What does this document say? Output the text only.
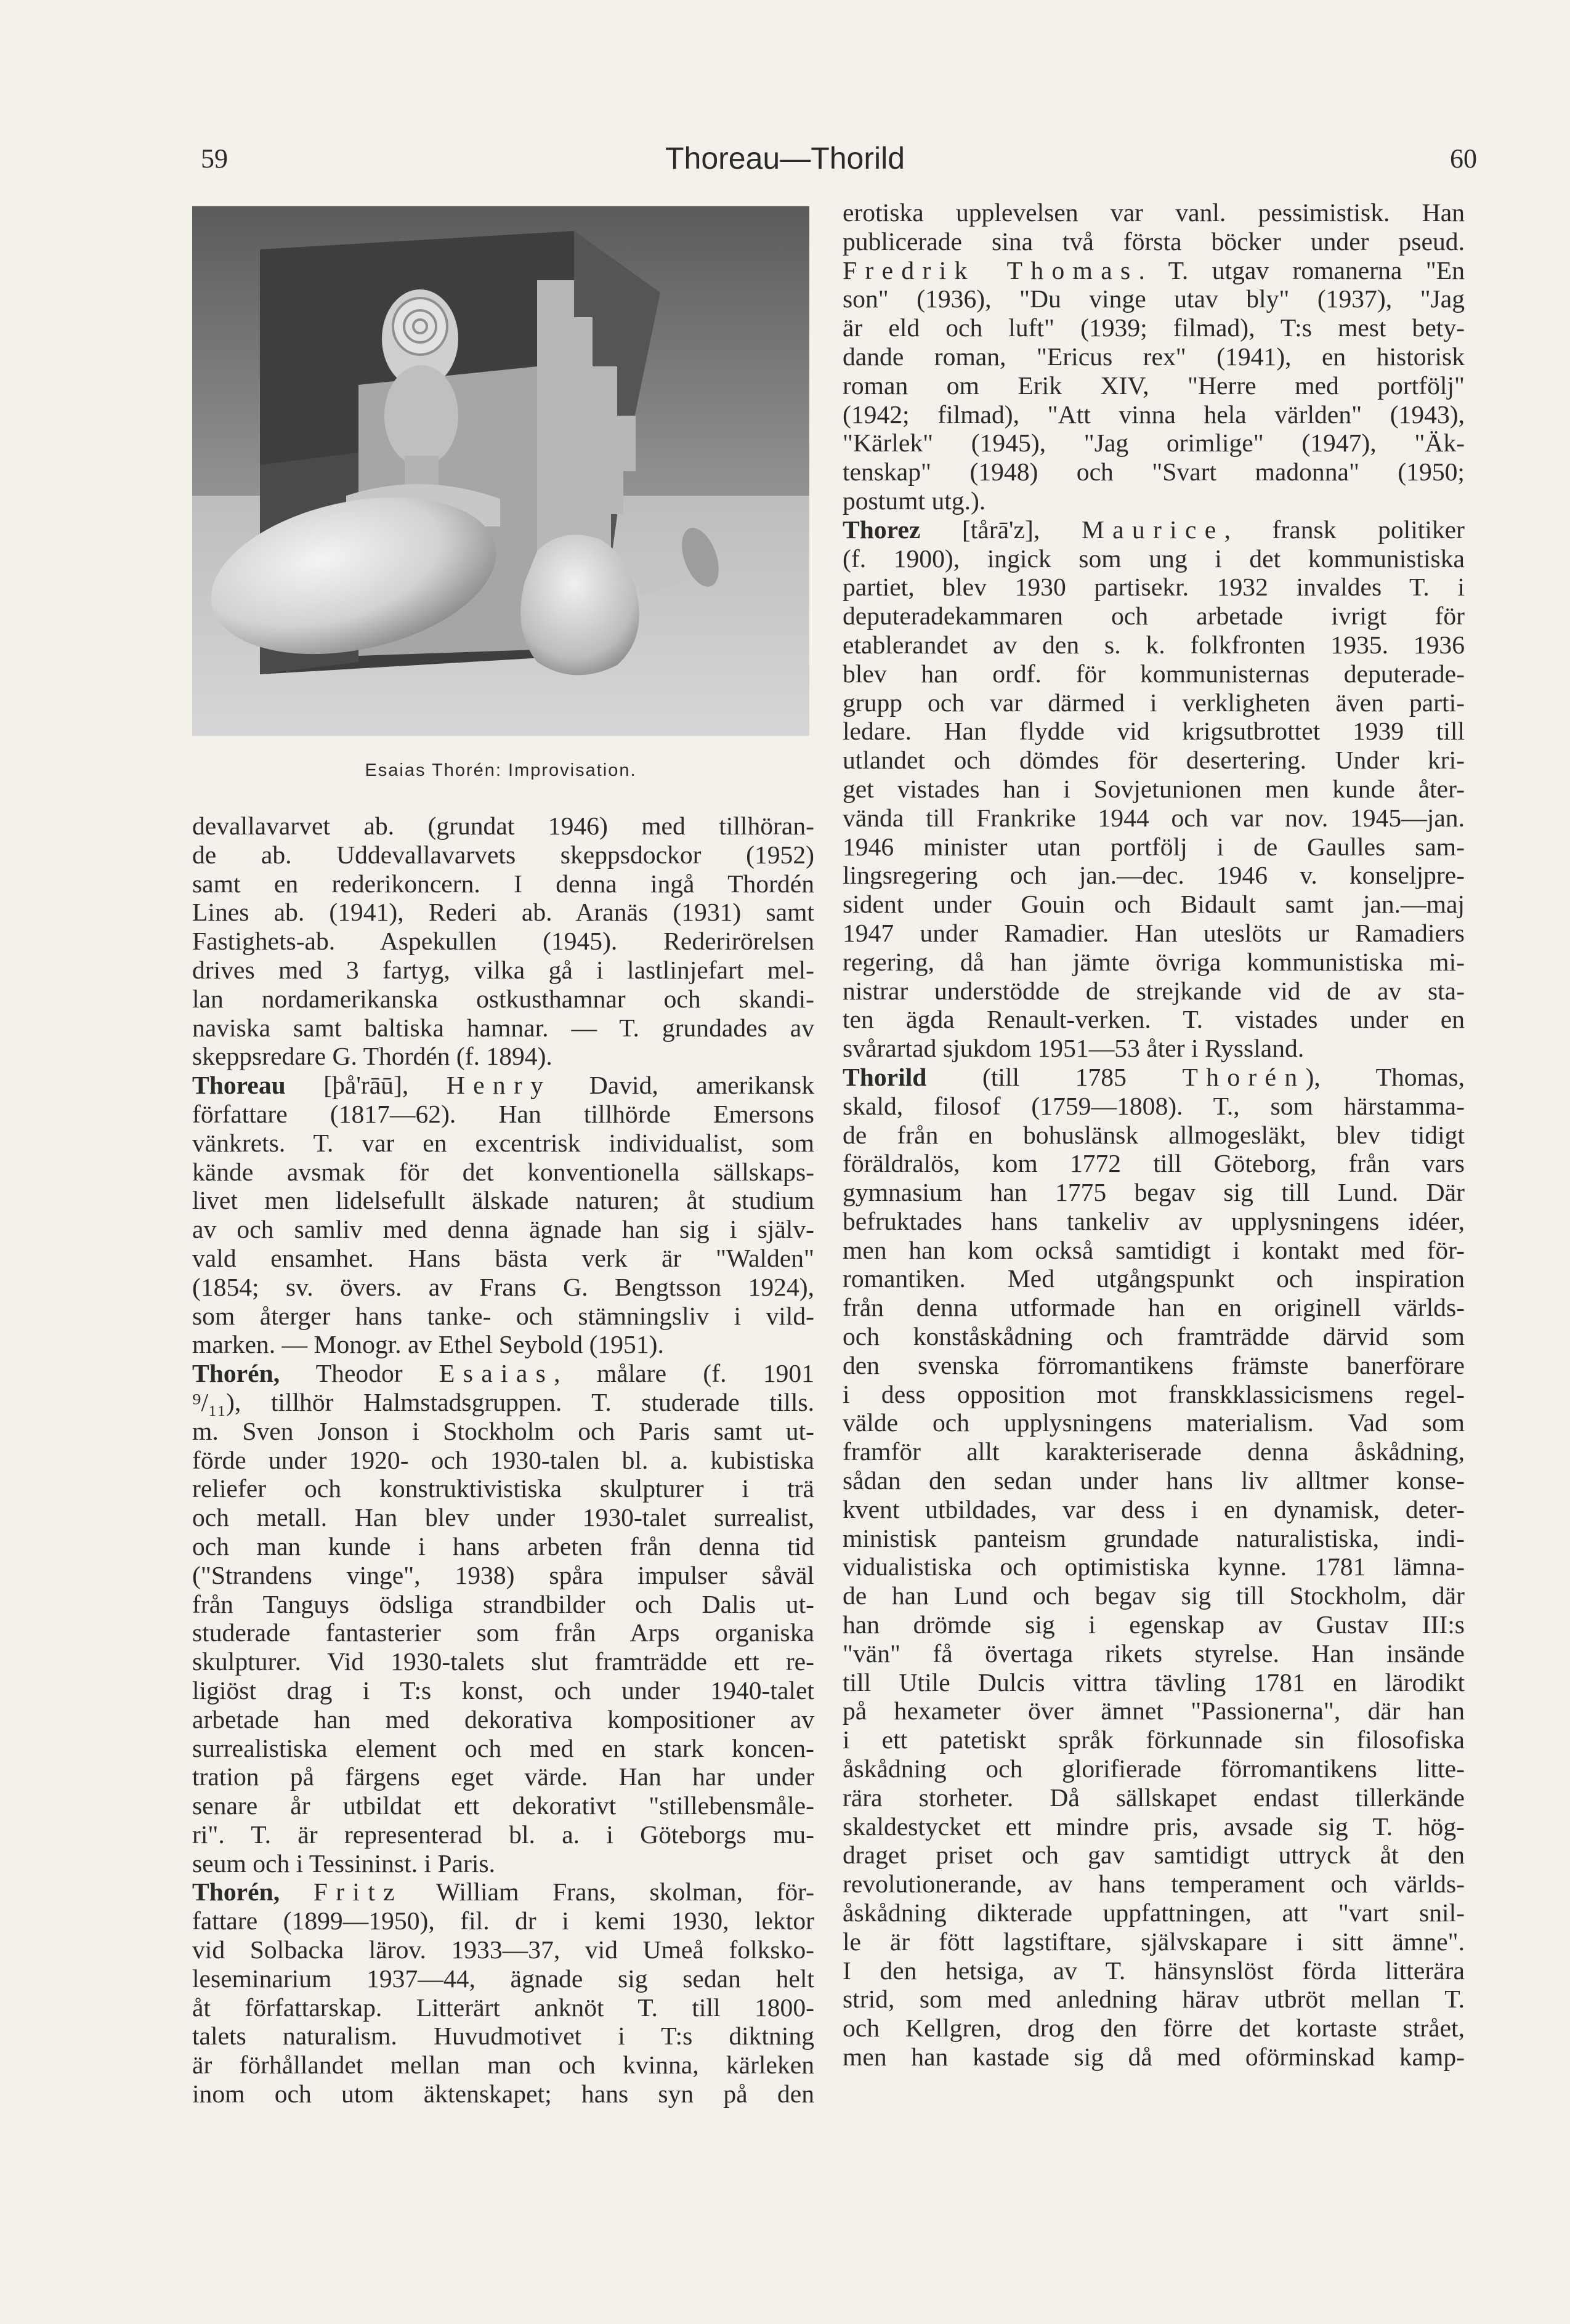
59	Thoreau—Thorild	60
Esaias Thorén: Improvisation.
devallavarvet ab. (grundat 1946) med tillhöran-
de ab. Uddevallavarvets skeppsdockor (1952)
samt en rederikoncern. I denna ingå Thordén
Lines ab. (1941), Rederi ab. Aranäs (1931) samt
Fastighets-ab. Aspekullen (1945). Rederirörelsen
drives med 3 fartyg, vilka gå i lastlinjefart mel-
lan nordamerikanska ostkusthamnar och skandi-
naviska samt baltiska hamnar. — T. grundades av
skeppsredare G. Thordén (f. 1894).
Thoreau [þå'rāū], Henry David, amerikansk
författare (1817—62). Han tillhörde Emersons
vänkrets. T. var en excentrisk individualist, som
kände avsmak för det konventionella sällskaps-
livet men lidelsefullt älskade naturen; åt studium
av och samliv med denna ägnade han sig i själv-
vald ensamhet. Hans bästa verk är "Walden"
(1854; sv. övers. av Frans G. Bengtsson 1924),
som återger hans tanke- och stämningsliv i vild-
marken. — Monogr. av Ethel Seybold (1951).
Thorén, Theodor Esaias, målare (f. 1901
⁹/₁₁), tillhör Halmstadsgruppen. T. studerade tills.
m. Sven Jonson i Stockholm och Paris samt ut-
förde under 1920- och 1930-talen bl. a. kubistiska
reliefer och konstruktivistiska skulpturer i trä
och metall. Han blev under 1930-talet surrealist,
och man kunde i hans arbeten från denna tid
("Strandens vinge", 1938) spåra impulser såväl
från Tanguys ödsliga strandbilder och Dalis ut-
studerade fantasterier som från Arps organiska
skulpturer. Vid 1930-talets slut framträdde ett re-
ligiöst drag i T:s konst, och under 1940-talet
arbetade han med dekorativa kompositioner av
surrealistiska element och med en stark koncen-
tration på färgens eget värde. Han har under
senare år utbildat ett dekorativt "stillebensmåle-
ri". T. är representerad bl. a. i Göteborgs mu-
seum och i Tessininst. i Paris.
Thorén, Fritz William Frans, skolman, för-
fattare (1899—1950), fil. dr i kemi 1930, lektor
vid Solbacka lärov. 1933—37, vid Umeå folksko-
leseminarium 1937—44, ägnade sig sedan helt
åt författarskap. Litterärt anknöt T. till 1800-
talets naturalism. Huvudmotivet i T:s diktning
är förhållandet mellan man och kvinna, kärleken
inom och utom äktenskapet; hans syn på den
erotiska upplevelsen var vanl. pessimistisk. Han
publicerade sina två första böcker under pseud.
Fredrik Thomas. T. utgav romanerna "En
son" (1936), "Du vinge utav bly" (1937), "Jag
är eld och luft" (1939; filmad), T:s mest bety-
dande roman, "Ericus rex" (1941), en historisk
roman om Erik XIV, "Herre med portfölj"
(1942; filmad), "Att vinna hela världen" (1943),
"Kärlek" (1945), "Jag orimlige" (1947), "Äk-
tenskap" (1948) och "Svart madonna" (1950;
postumt utg.).
Thorez [tårā'z], Maurice, fransk politiker
(f. 1900), ingick som ung i det kommunistiska
partiet, blev 1930 partisekr. 1932 invaldes T. i
deputeradekammaren och arbetade ivrigt för
etablerandet av den s. k. folkfronten 1935. 1936
blev han ordf. för kommunisternas deputerade-
grupp och var därmed i verkligheten även parti-
ledare. Han flydde vid krigsutbrottet 1939 till
utlandet och dömdes för desertering. Under kri-
get vistades han i Sovjetunionen men kunde åter-
vända till Frankrike 1944 och var nov. 1945—jan.
1946 minister utan portfölj i de Gaulles sam-
lingsregering och jan.—dec. 1946 v. konseljpre-
sident under Gouin och Bidault samt jan.—maj
1947 under Ramadier. Han uteslöts ur Ramadiers
regering, då han jämte övriga kommunistiska mi-
nistrar understödde de strejkande vid de av sta-
ten ägda Renault-verken. T. vistades under en
svårartad sjukdom 1951—53 åter i Ryssland.
Thorild (till 1785 Thorén), Thomas,
skald, filosof (1759—1808). T., som härstamma-
de från en bohuslänsk allmogesläkt, blev tidigt
föräldralös, kom 1772 till Göteborg, från vars
gymnasium han 1775 begav sig till Lund. Där
befruktades hans tankeliv av upplysningens idéer,
men han kom också samtidigt i kontakt med för-
romantiken. Med utgångspunkt och inspiration
från denna utformade han en originell världs-
och konståskådning och framträdde därvid som
den svenska förromantikens främste banerförare
i dess opposition mot franskklassicismens regel-
välde och upplysningens materialism. Vad som
framför allt karakteriserade denna åskådning,
sådan den sedan under hans liv alltmer konse-
kvent utbildades, var dess i en dynamisk, deter-
ministisk panteism grundade naturalistiska, indi-
vidualistiska och optimistiska kynne. 1781 lämna-
de han Lund och begav sig till Stockholm, där
han drömde sig i egenskap av Gustav III:s
"vän" få övertaga rikets styrelse. Han insände
till Utile Dulcis vittra tävling 1781 en lärodikt
på hexameter över ämnet "Passionerna", där han
i ett patetiskt språk förkunnade sin filosofiska
åskådning och glorifierade förromantikens litte-
rära storheter. Då sällskapet endast tillerkände
skaldestycket ett mindre pris, avsade sig T. hög-
draget priset och gav samtidigt uttryck åt den
revolutionerande, av hans temperament och världs-
åskådning dikterade uppfattningen, att "vart snil-
le är fött lagstiftare, självskapare i sitt ämne".
I den hetsiga, av T. hänsynslöst förda litterära
strid, som med anledning härav utbröt mellan T.
och Kellgren, drog den förre det kortaste strået,
men han kastade sig då med oförminskad kamp-
